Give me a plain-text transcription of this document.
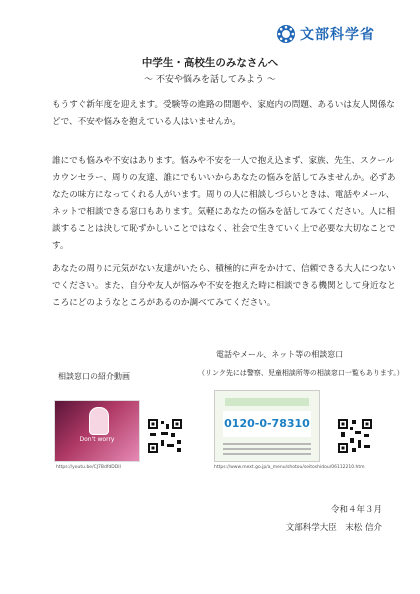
文部科学省
中学生・高校生のみなさんへ
～ 不安や悩みを話してみよう ～

もうすぐ新年度を迎えます。受験等の進路の問題や、家庭内の問題、あるいは友人関係などで、不安や悩みを抱えている人はいませんか。

誰にでも悩みや不安はあります。悩みや不安を一人で抱え込まず、家族、先生、スクールカウンセラー、周りの友達、誰にでもいいからあなたの悩みを話してみませんか。必ずあなたの味方になってくれる人がいます。周りの人に相談しづらいときは、電話やメール、ネットで相談できる窓口もあります。気軽にあなたの悩みを話してみてください。人に相談することは決して恥ずかしいことではなく、社会で生きていく上で必要な大切なことです。

あなたの周りに元気がない友達がいたら、積極的に声をかけて、信頼できる大人につないでください。また、自分や友人が悩みや不安を抱えた時に相談できる機関として身近なところにどのようなところがあるのか調べてみてください。

電話やメール、ネット等の相談窓口
（リンク先には警察、児童相談所等の相談窓口一覧もあります。）
相談窓口の紹介動画
Don't worry
0120-0-78310
https://youtu.be/CJ7BdfdDDlI	https://www.mext.go.jp/a_menu/shotou/seitoshidou/06112210.htm
令和４年３月
文部科学大臣　末松 信介
